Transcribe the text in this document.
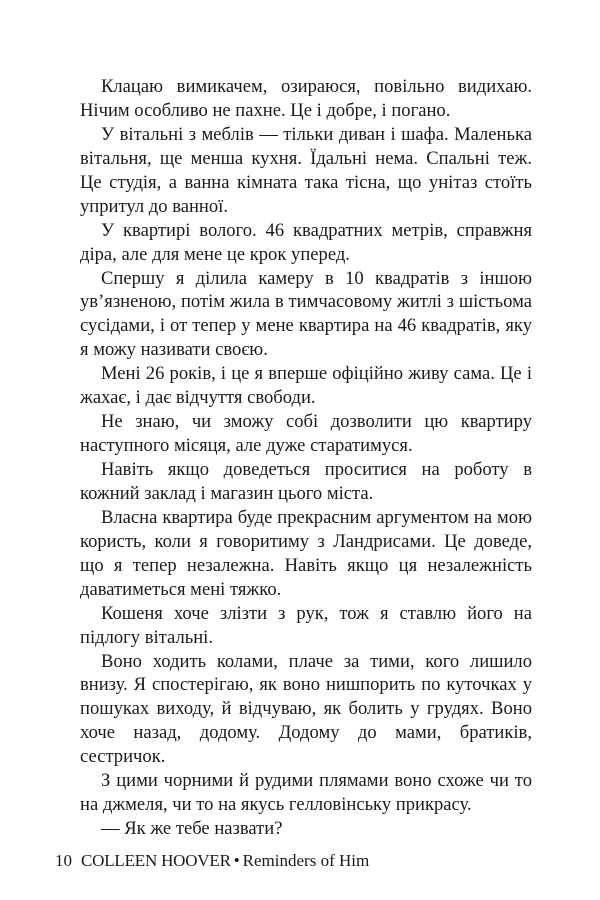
Клацаю вимикачем, озираюся, повільно видихаю. Нічим особливо не пахне. Це і добре, і погано.

У вітальні з меблів — тільки диван і шафа. Маленька вітальня, ще менша кухня. Їдальні нема. Спальні теж. Це студія, а ванна кімната така тісна, що унітаз стоїть упритул до ванної.

У квартирі волого. 46 квадратних метрів, справжня діра, але для мене це крок уперед.

Спершу я ділила камеру в 10 квадратів з іншою ув’язненою, потім жила в тимчасовому житлі з шістьома сусідами, і от тепер у мене квартира на 46 квадратів, яку я можу називати своєю.

Мені 26 років, і це я вперше офіційно живу сама. Це і жахає, і дає відчуття свободи.

Не знаю, чи зможу собі дозволити цю квартиру наступного місяця, але дуже старатимуся.

Навіть якщо доведеться проситися на роботу в кожний заклад і магазин цього міста.

Власна квартира буде прекрасним аргументом на мою користь, коли я говоритиму з Ландрисами. Це доведе, що я тепер незалежна. Навіть якщо ця незалежність даватиметься мені тяжко.

Кошеня хоче злізти з рук, тож я ставлю його на підлогу вітальні.

Воно ходить колами, плаче за тими, кого лишило внизу. Я спостерігаю, як воно нишпорить по куточках у пошуках виходу, й відчуваю, як болить у грудях. Воно хоче назад, додому. Додому до мами, братиків, сестричок.

З цими чорними й рудими плямами воно схоже чи то на джмеля, чи то на якусь гелловінську прикрасу.

— Як же тебе назвати?

10 COLLEEN HOOVER • Reminders of Him
